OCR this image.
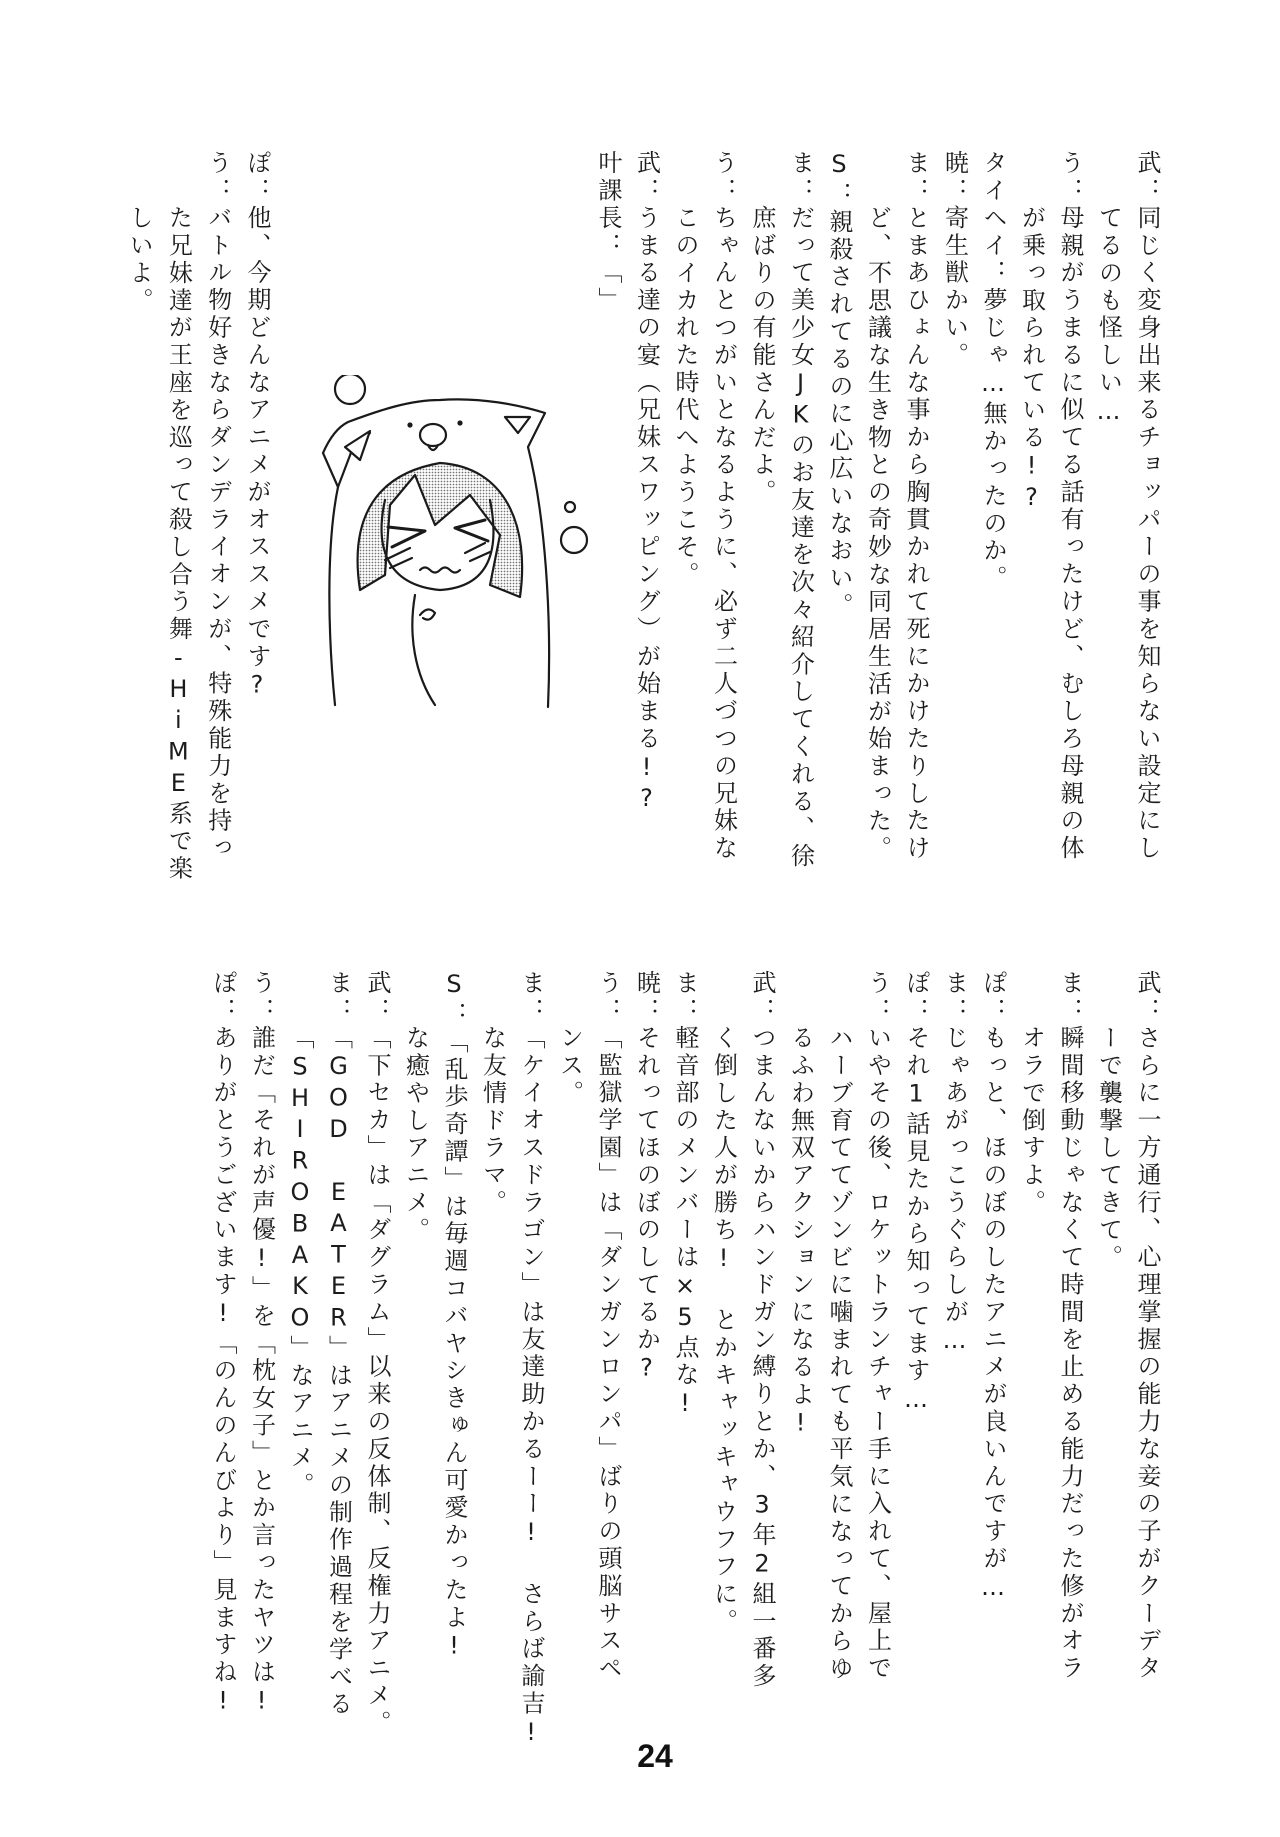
武：同じく変身出来るチョッパーの事を知らない設定にし
てるのも怪しい…
う：母親がうまるに似てる話有ったけど、むしろ母親の体
が乗っ取られている!?
タイヘイ：夢じゃ…無かったのか。
暁：寄生獣かい。
ま：とまあひょんな事から胸貫かれて死にかけたりしたけ
ど、不思議な生き物との奇妙な同居生活が始まった。
S：親殺されてるのに心広いなおい。
ま：だって美少女JKのお友達を次々紹介してくれる、徐
庶ばりの有能さんだよ。
う：ちゃんとつがいとなるように、必ず二人づつの兄妹な
このイカれた時代へようこそ。
武：うまる達の宴（兄妹スワッピング）が始まる!?
叶課長：「」
ぽ：他、今期どんなアニメがオススメです?
う：バトル物好きならダンデライオンが、特殊能力を持っ
た兄妹達が王座を巡って殺し合う舞-HiME系で楽
しいよ。
武：さらに一方通行、心理掌握の能力な妾の子がクーデタ
ーで襲撃してきて。
ま：瞬間移動じゃなくて時間を止める能力だった修がオラ
オラで倒すよ。
ぽ：もっと、ほのぼのしたアニメが良いんですが…
ま：じゃあがっこうぐらしが…
ぽ：それ1話見たから知ってます…
う：いやその後、ロケットランチャー手に入れて、屋上で
ハーブ育ててゾンビに噛まれても平気になってからゆ
るふわ無双アクションになるよ!
武：つまんないからハンドガン縛りとか、3年2組一番多
く倒した人が勝ち! とかキャッキャウフフに。
ま：軽音部のメンバーは×5点な!
暁：それってほのぼのしてるか?
う：「監獄学園」は「ダンガンロンパ」ばりの頭脳サスペ
ンス。
ま：「ケイオスドラゴン」は友達助かるーー! さらば諭吉!
な友情ドラマ。
S：「乱歩奇譚」は毎週コバヤシきゅん可愛かったよ!
な癒やしアニメ。
武：「下セカ」は「ダグラム」以来の反体制、反権力アニメ。
ま：「GOD EATER」はアニメの制作過程を学べる
「SHIROBAKO」なアニメ。
う：誰だ「それが声優!」を「枕女子」とか言ったヤツは!
ぽ：ありがとうございます!「のんのんびより」見ますね!
24
